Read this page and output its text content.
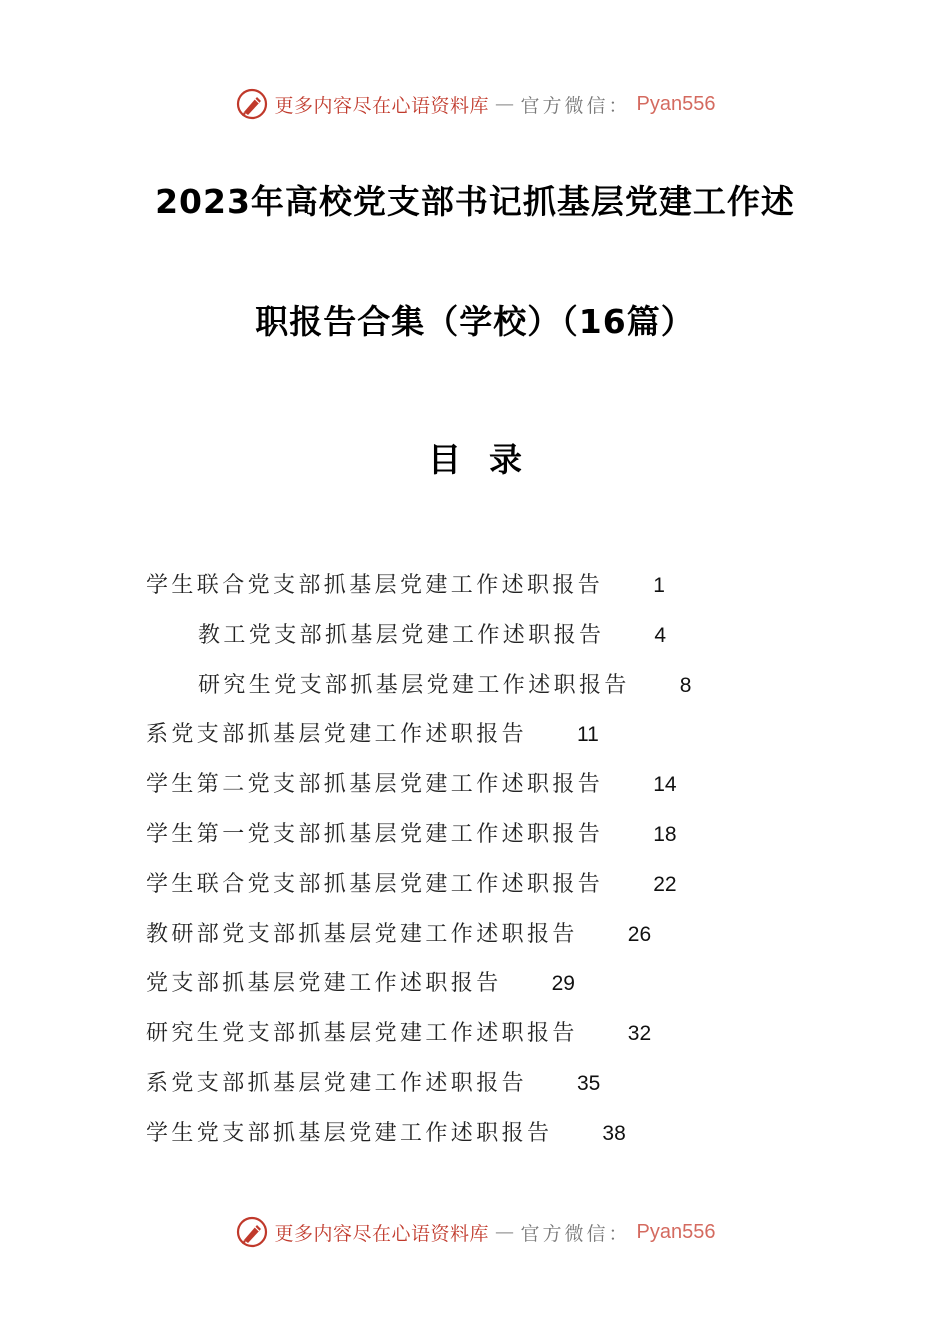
更多内容尽在心语资料库 — 官方微信： Pyan556
2023年高校党支部书记抓基层党建工作述
职报告合集（学校）（16篇）
目录
学生联合党支部抓基层党建工作述职报告 1
教工党支部抓基层党建工作述职报告 4
研究生党支部抓基层党建工作述职报告 8
系党支部抓基层党建工作述职报告 11
学生第二党支部抓基层党建工作述职报告 14
学生第一党支部抓基层党建工作述职报告 18
学生联合党支部抓基层党建工作述职报告 22
教研部党支部抓基层党建工作述职报告 26
党支部抓基层党建工作述职报告 29
研究生党支部抓基层党建工作述职报告 32
系党支部抓基层党建工作述职报告 35
学生党支部抓基层党建工作述职报告 38
更多内容尽在心语资料库 — 官方微信： Pyan556
